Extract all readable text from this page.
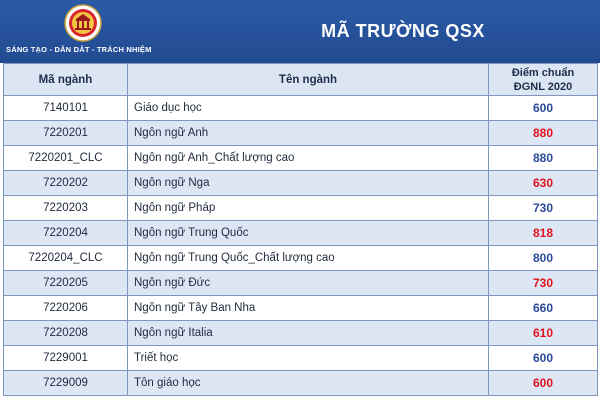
SÁNG TẠO - DẪN DẮT - TRÁCH NHIỆM
MÃ TRƯỜNG QSX
Mã ngành	Tên ngành	Điểm chuẩn
ĐGNL 2020
7140101	Giáo dục học	600
7220201	Ngôn ngữ Anh	880
7220201_CLC	Ngôn ngữ Anh_Chất lượng cao	880
7220202	Ngôn ngữ Nga	630
7220203	Ngôn ngữ Pháp	730
7220204	Ngôn ngữ Trung Quốc	818
7220204_CLC	Ngôn ngữ Trung Quốc_Chất lượng cao	800
7220205	Ngôn ngữ Đức	730
7220206	Ngôn ngữ Tây Ban Nha	660
7220208	Ngôn ngữ Italia	610
7229001	Triết học	600
7229009	Tôn giáo học	600
